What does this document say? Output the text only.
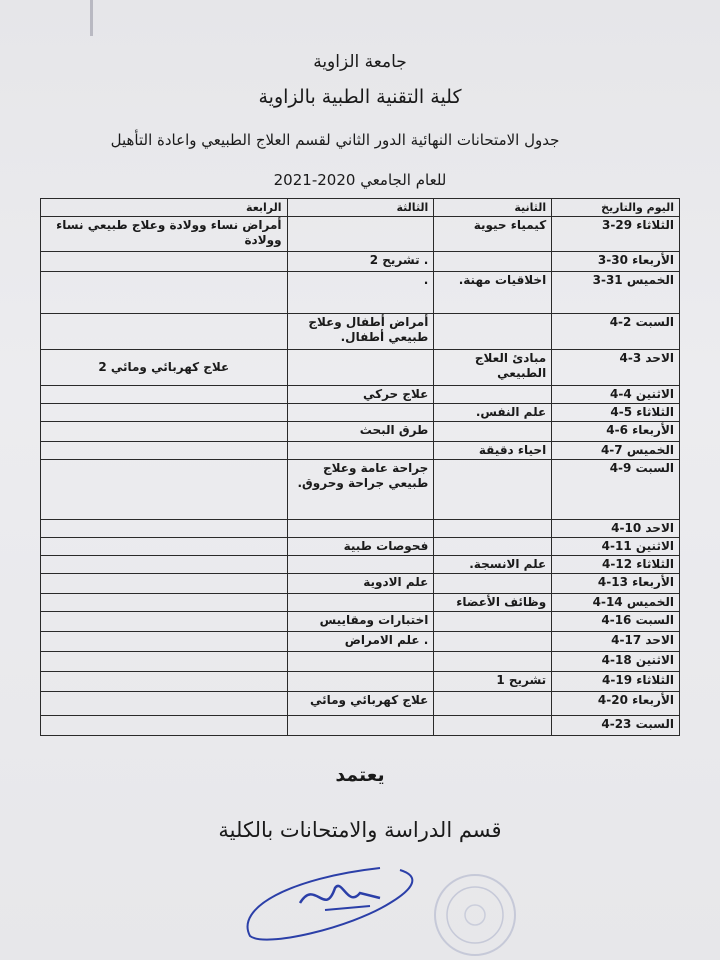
جامعة الزاوية
كلية التقنية الطبية بالزاوية
جدول الامتحانات النهائية الدور الثاني لقسم العلاج الطبيعي واعادة التأهيل
للعام الجامعي 2020-2021
اليوم والتاريخ	الثانية	الثالثة	الرابعة
الثلاثاء 29-3	كيمياء حيوية		أمراض نساء وولادة وعلاج طبيعي نساء وولادة
الأربعاء 30-3		. تشريح 2	
الخميس 31-3	اخلاقيات مهنة.	.	
السبت 2-4		أمراض أطفال وعلاج طبيعي أطفال.	
الاحد 3-4	مبادئ العلاج الطبيعي		علاج كهربائي ومائي 2
الاثنين 4-4		علاج حركي	
الثلاثاء 5-4	علم النفس.		
الأربعاء 6-4		طرق البحث	
الخميس 7-4	احياء دقيقة		
السبت 9-4		جراحة عامة وعلاج طبيعي جراحة وحروق.	
الاحد 10-4			
الاثنين 11-4		فحوصات طبية	
الثلاثاء 12-4	علم الانسجة.		
الأربعاء 13-4		علم الادوية	
الخميس 14-4	وظائف الأعضاء		
السبت 16-4		اختبارات ومقاييس	
الاحد 17-4		. علم الامراض	
الاثنين 18-4			
الثلاثاء 19-4	تشريح 1		
الأربعاء 20-4		علاج كهربائي ومائي	
السبت 23-4			
يعتمد
قسم الدراسة والامتحانات بالكلية
